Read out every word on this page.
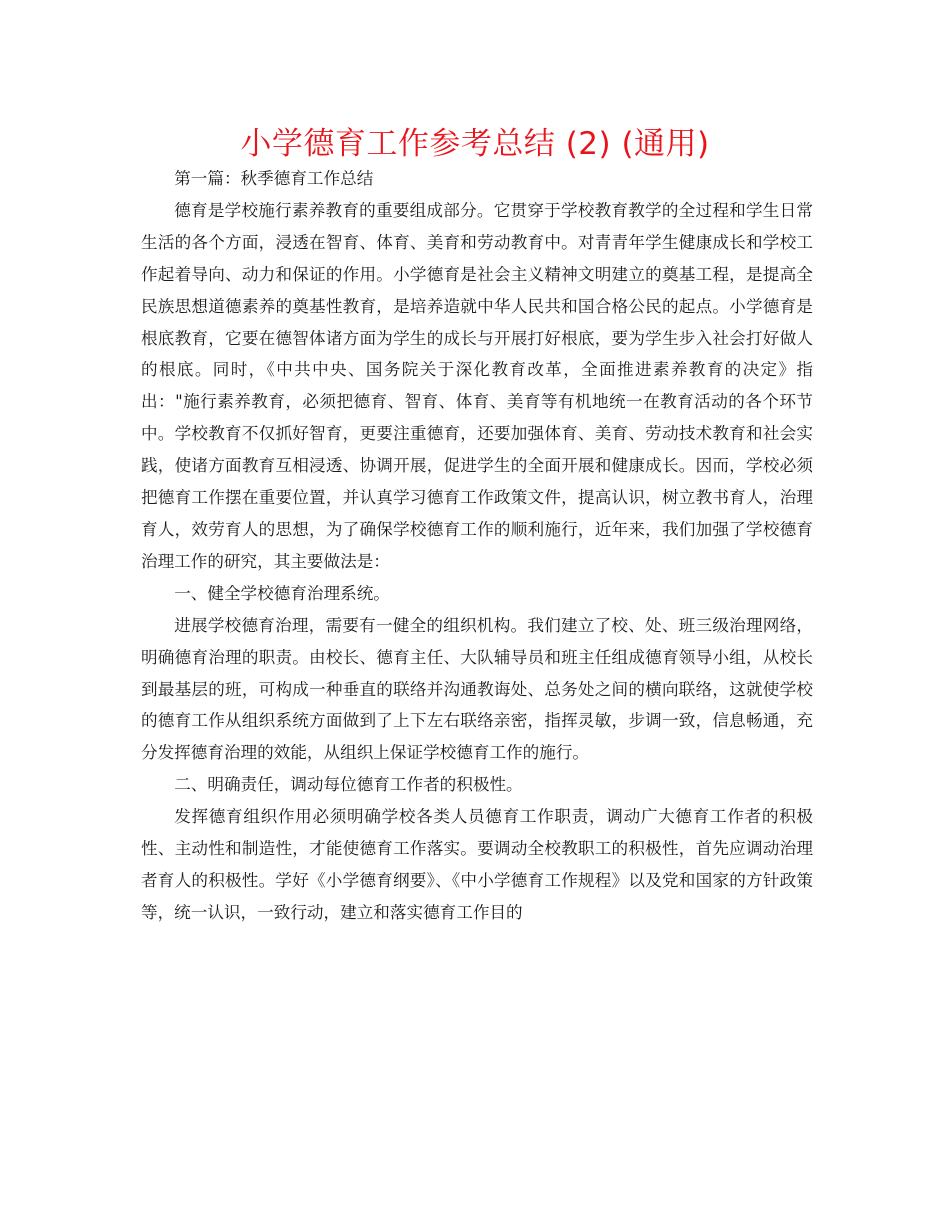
小学德育工作参考总结 (2) (通用)

第一篇：秋季德育工作总结

德育是学校施行素养教育的重要组成部分。它贯穿于学校教育教学的全过程和学生日常生活的各个方面，浸透在智育、体育、美育和劳动教育中。对青青年学生健康成长和学校工作起着导向、动力和保证的作用。小学德育是社会主义精神文明建立的奠基工程，是提高全民族思想道德素养的奠基性教育，是培养造就中华人民共和国合格公民的起点。小学德育是根底教育，它要在德智体诸方面为学生的成长与开展打好根底，要为学生步入社会打好做人的根底。同时，《中共中央、国务院关于深化教育改革，全面推进素养教育的决定》指出："施行素养教育，必须把德育、智育、体育、美育等有机地统一在教育活动的各个环节中。学校教育不仅抓好智育，更要注重德育，还要加强体育、美育、劳动技术教育和社会实践，使诸方面教育互相浸透、协调开展，促进学生的全面开展和健康成长。因而，学校必须把德育工作摆在重要位置，并认真学习德育工作政策文件，提高认识，树立教书育人，治理育人，效劳育人的思想，为了确保学校德育工作的顺利施行，近年来，我们加强了学校德育治理工作的研究，其主要做法是：

一、健全学校德育治理系统。

进展学校德育治理，需要有一健全的组织机构。我们建立了校、处、班三级治理网络，明确德育治理的职责。由校长、德育主任、大队辅导员和班主任组成德育领导小组，从校长到最基层的班，可构成一种垂直的联络并沟通教诲处、总务处之间的横向联络，这就使学校的德育工作从组织系统方面做到了上下左右联络亲密，指挥灵敏，步调一致，信息畅通，充分发挥德育治理的效能，从组织上保证学校德育工作的施行。

二、明确责任，调动每位德育工作者的积极性。

发挥德育组织作用必须明确学校各类人员德育工作职责，调动广大德育工作者的积极性、主动性和制造性，才能使德育工作落实。要调动全校教职工的积极性，首先应调动治理者育人的积极性。学好《小学德育纲要》、《中小学德育工作规程》以及党和国家的方针政策等，统一认识，一致行动，建立和落实德育工作目的
